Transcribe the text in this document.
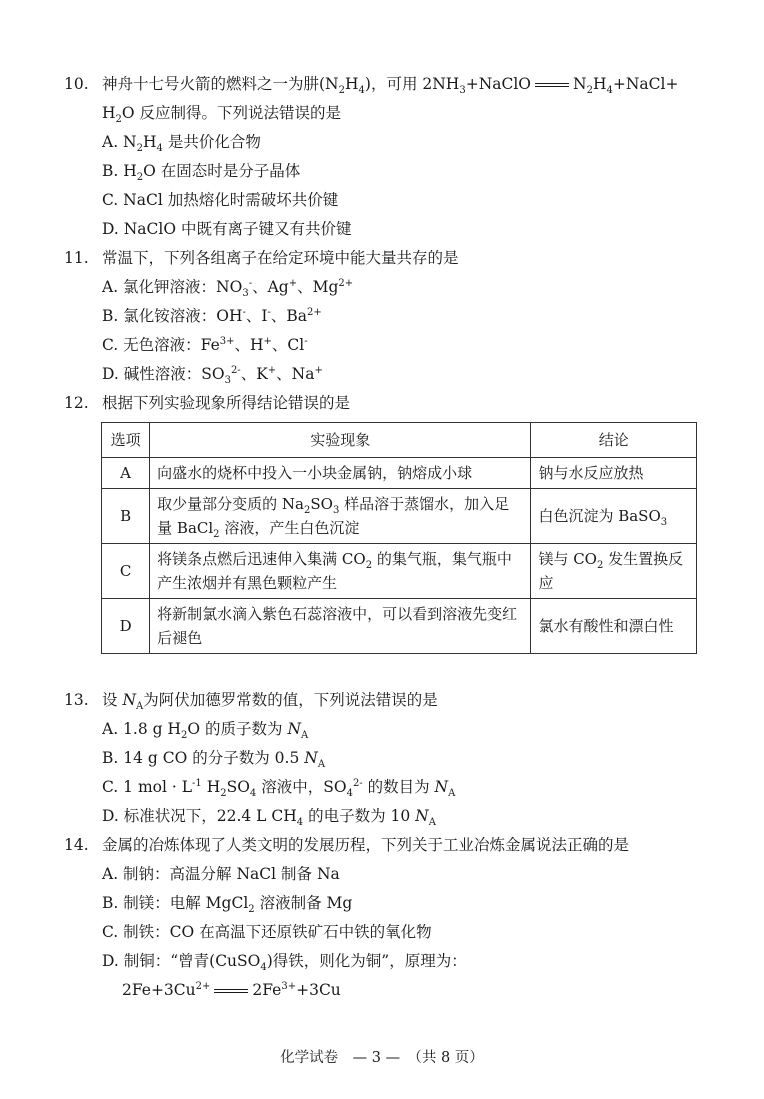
10. 神舟十七号火箭的燃料之一为肼$(N_2H_4)$，可用 $2NH_3+NaClO$	$N_2H_4+NaCl+$
$H_2O$ 反应制得。下列说法错误的是
A. $N_2H_4$ 是共价化合物
B. $H_2O$ 在固态时是分子晶体
C. NaCl 加热熔化时需破坏共价键
D. NaClO 中既有离子键又有共价键
11. 常温下，下列各组离子在给定环境中能大量共存的是
A. 氯化钾溶液：$NO_3^-$、Ag+、$Mg^{2+}$
B. 氯化铵溶液：OH-、I-、$Ba^{2+}$
C. 无色溶液：$Fe^{3+}$、H+、Cl-
D. 碱性溶液：$SO_3^{2-}$、K+、Na+
12. 根据下列实验现象所得结论错误的是
选项	实验现象	结论
A	向盛水的烧杯中投入一小块金属钠，钠熔成小球	钠与水反应放热
B	取少量部分变质的 $Na_2SO_3$ 样品溶于蒸馏水，加入足量 BaCl$_2$ 溶液，产生白色沉淀	白色沉淀为 BaSO$_3$
C	将镁条点燃后迅速伸入集满 $CO_2$ 的集气瓶，集气瓶中产生浓烟并有黑色颗粒产生	镁与 $CO_2$ 发生置换反应
D	将新制氯水滴入紫色石蕊溶液中，可以看到溶液先变红后褪色	氯水有酸性和漂白性
13. 设 $N_A$为阿伏加德罗常数的值，下列说法错误的是
A. 1.8 g $H_2O$ 的质子数为 $N_A$
B. 14 g CO 的分子数为 0.5 $N_A$
C. 1 mol · $L^{-1}$ $H_2SO_4$ 溶液中，$SO_4^{2-}$ 的数目为 $N_A$
D. 标准状况下，22.4 L $CH_4$ 的电子数为 10 $N_A$
14. 金属的冶炼体现了人类文明的发展历程，下列关于工业冶炼金属说法正确的是
A. 制钠：高温分解 NaCl 制备 Na
B. 制镁：电解 MgCl$_2$ 溶液制备 Mg
C. 制铁：CO 在高温下还原铁矿石中铁的氧化物
D. 制铜：“曾青(CuSO$_4$)得铁，则化为铜”，原理为：
$2Fe+3Cu^{2+}$	$2Fe^{3+}+3Cu$
化学试卷　— 3 —　（共 8 页）
